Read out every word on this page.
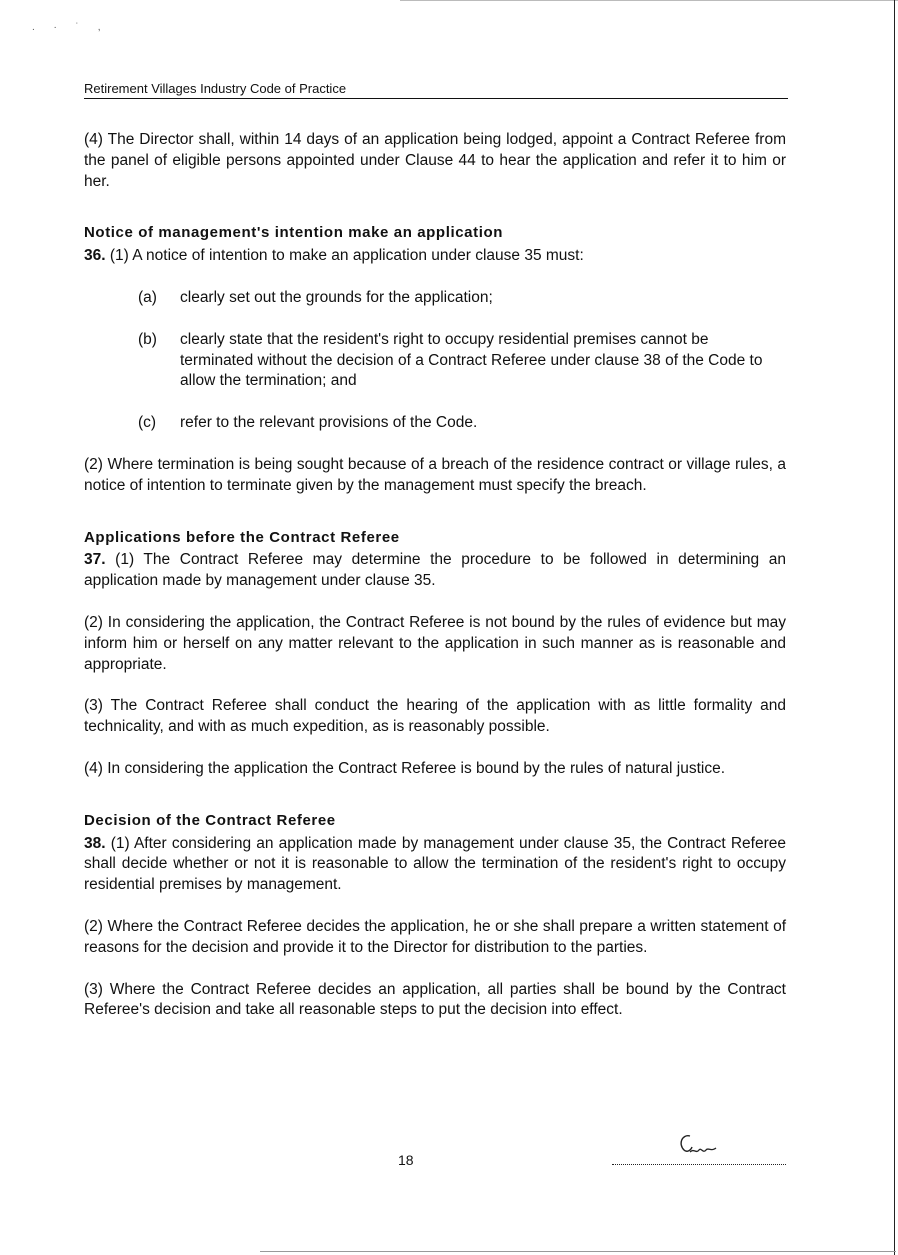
. · ˙ ,
Retirement Villages Industry Code of Practice

(4) The Director shall, within 14 days of an application being lodged, appoint a Contract Referee from the panel of eligible persons appointed under Clause 44 to hear the application and refer it to him or her.

Notice of management's intention make an application

36. (1) A notice of intention to make an application under clause 35 must:

(a)	clearly set out the grounds for the application;
(b)	clearly state that the resident's right to occupy residential premises cannot be terminated without the decision of a Contract Referee under clause 38 of the Code to allow the termination; and
(c)	refer to the relevant provisions of the Code.

(2) Where termination is being sought because of a breach of the residence contract or village rules, a notice of intention to terminate given by the management must specify the breach.

Applications before the Contract Referee

37. (1) The Contract Referee may determine the procedure to be followed in determining an application made by management under clause 35.

(2) In considering the application, the Contract Referee is not bound by the rules of evidence but may inform him or herself on any matter relevant to the application in such manner as is reasonable and appropriate.

(3) The Contract Referee shall conduct the hearing of the application with as little formality and technicality, and with as much expedition, as is reasonably possible.

(4) In considering the application the Contract Referee is bound by the rules of natural justice.

Decision of the Contract Referee

38. (1) After considering an application made by management under clause 35, the Contract Referee shall decide whether or not it is reasonable to allow the termination of the resident's right to occupy residential premises by management.

(2) Where the Contract Referee decides the application, he or she shall prepare a written statement of reasons for the decision and provide it to the Director for distribution to the parties.

(3) Where the Contract Referee decides an application, all parties shall be bound by the Contract Referee's decision and take all reasonable steps to put the decision into effect.

18
